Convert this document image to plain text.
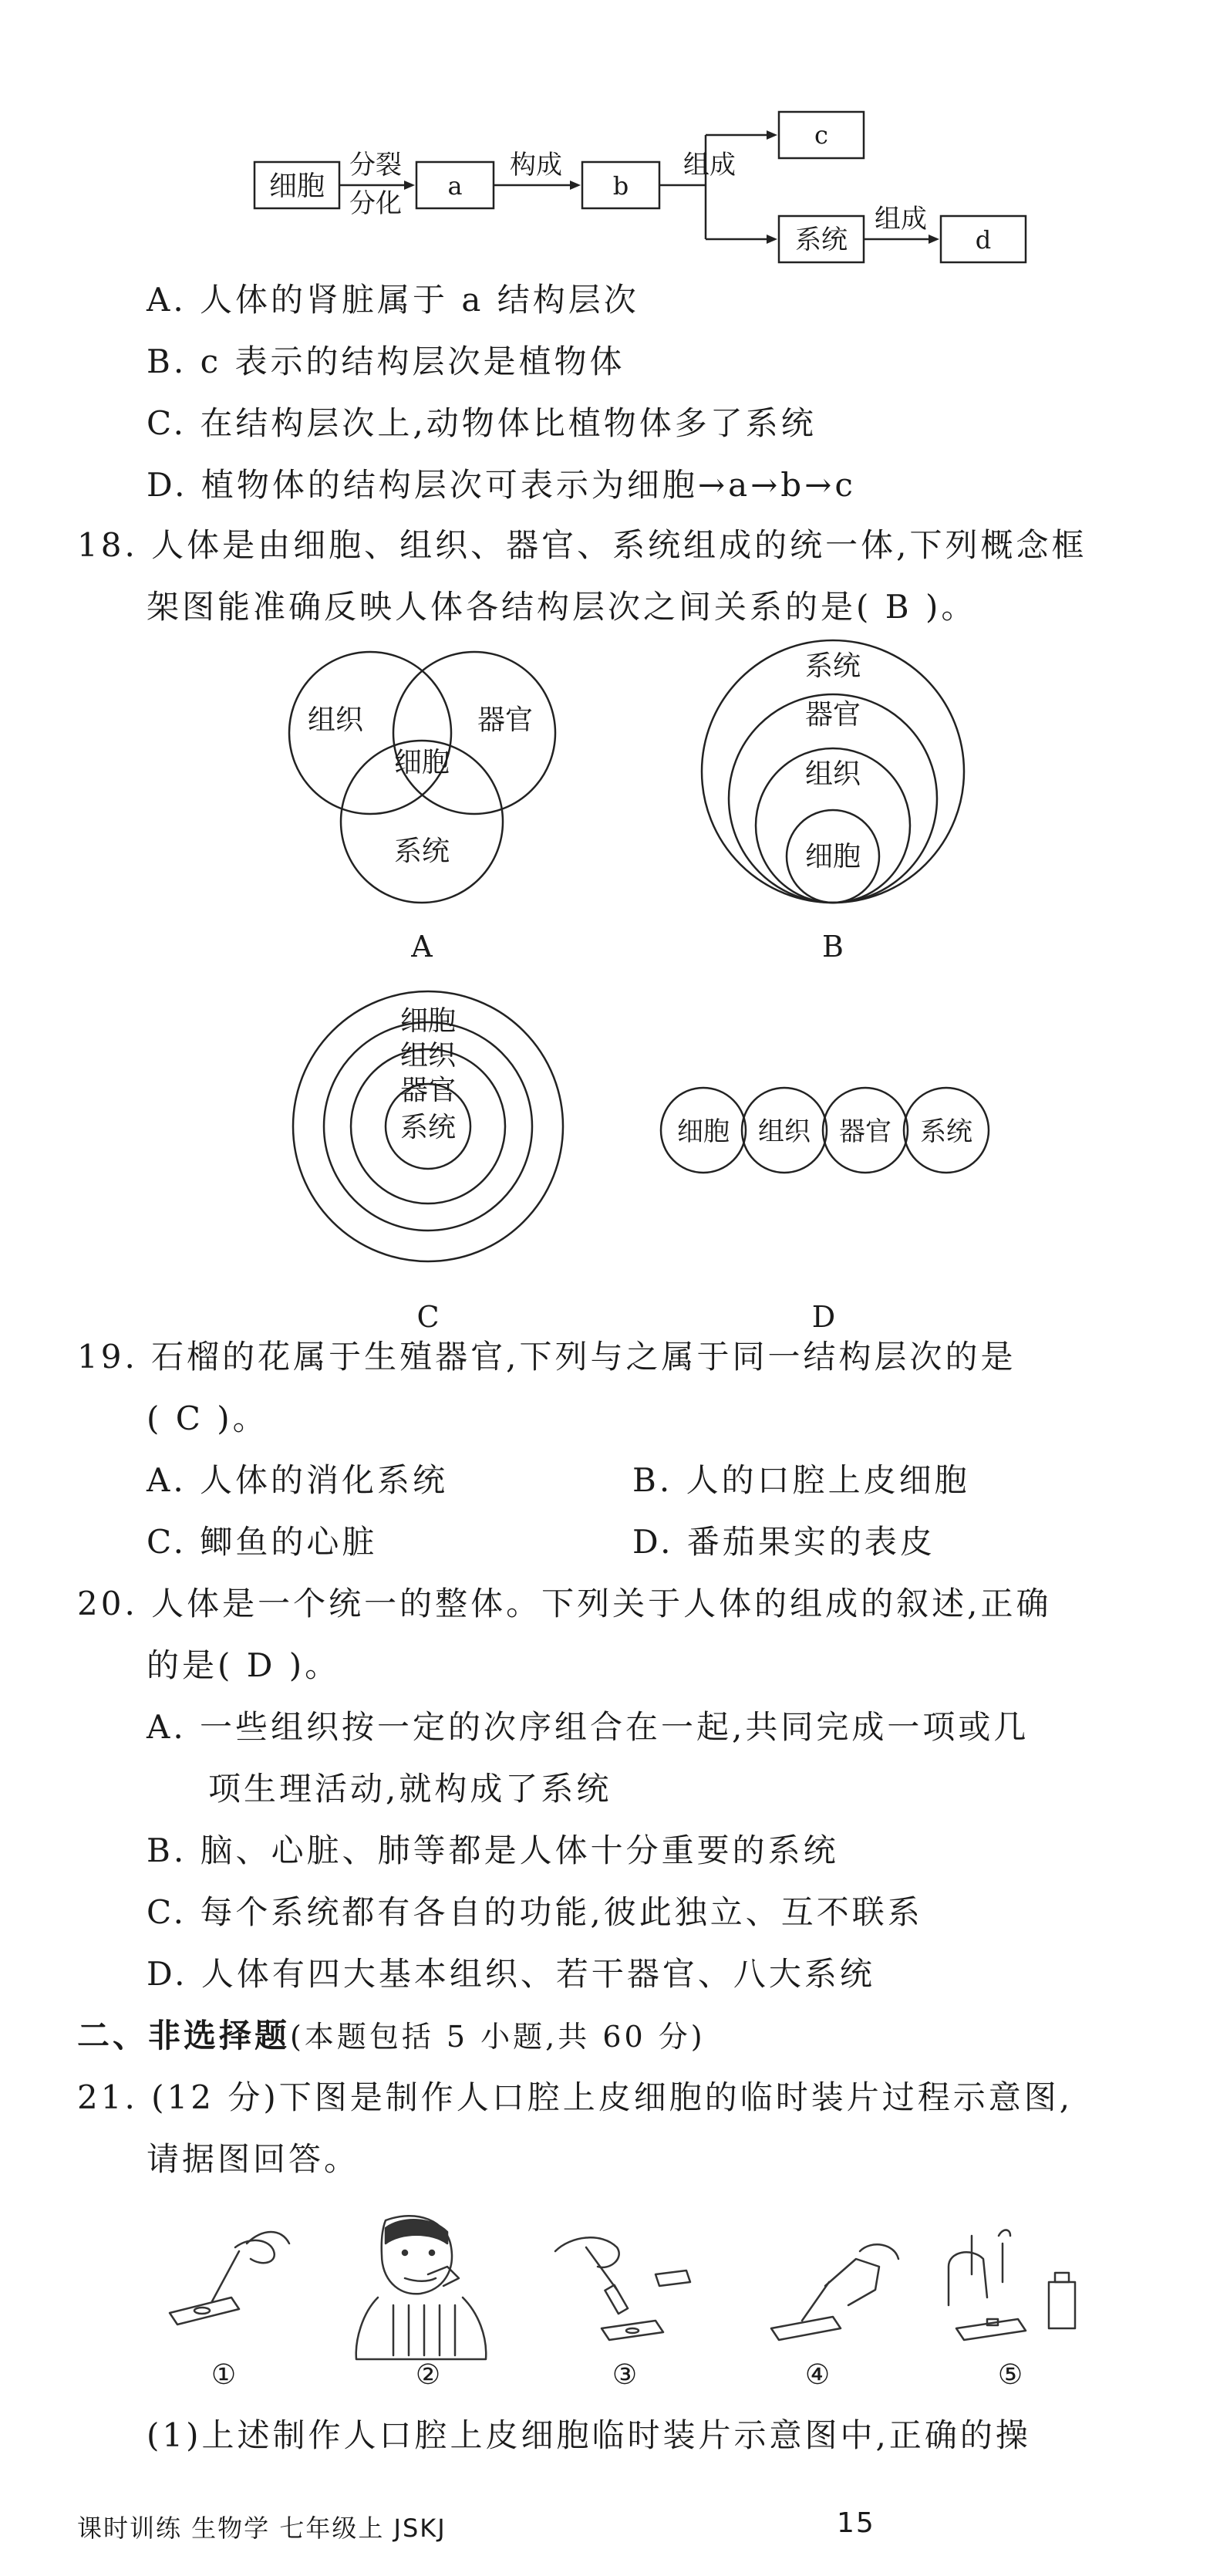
细胞
分裂
分化
a
构成
b
组成
c
系统
组成
d
A. 人体的肾脏属于 a 结构层次
B. c 表示的结构层次是植物体
C. 在结构层次上,动物体比植物体多了系统
D. 植物体的结构层次可表示为细胞→a→b→c
18. 人体是由细胞、组织、器官、系统组成的统一体,下列概念框
架图能准确反映人体各结构层次之间关系的是( B )。
组织	器官
细胞
系统
A
系统
器官
组织
细胞
B
细胞
组织
器官
系统
C
细胞 组织 器官 系统
D
19. 石榴的花属于生殖器官,下列与之属于同一结构层次的是
( C )。
A. 人体的消化系统	B. 人的口腔上皮细胞
C. 鲫鱼的心脏	D. 番茄果实的表皮
20. 人体是一个统一的整体。下列关于人体的组成的叙述,正确
的是( D )。
A. 一些组织按一定的次序组合在一起,共同完成一项或几
项生理活动,就构成了系统
B. 脑、心脏、肺等都是人体十分重要的系统
C. 每个系统都有各自的功能,彼此独立、互不联系
D. 人体有四大基本组织、若干器官、八大系统
二、非选择题(本题包括 5 小题,共 60 分)
21. (12 分)下图是制作人口腔上皮细胞的临时装片过程示意图,
请据图回答。
①	②	③	④	⑤
(1)上述制作人口腔上皮细胞临时装片示意图中,正确的操
课时训练 生物学 七年级上 JSKJ	15
